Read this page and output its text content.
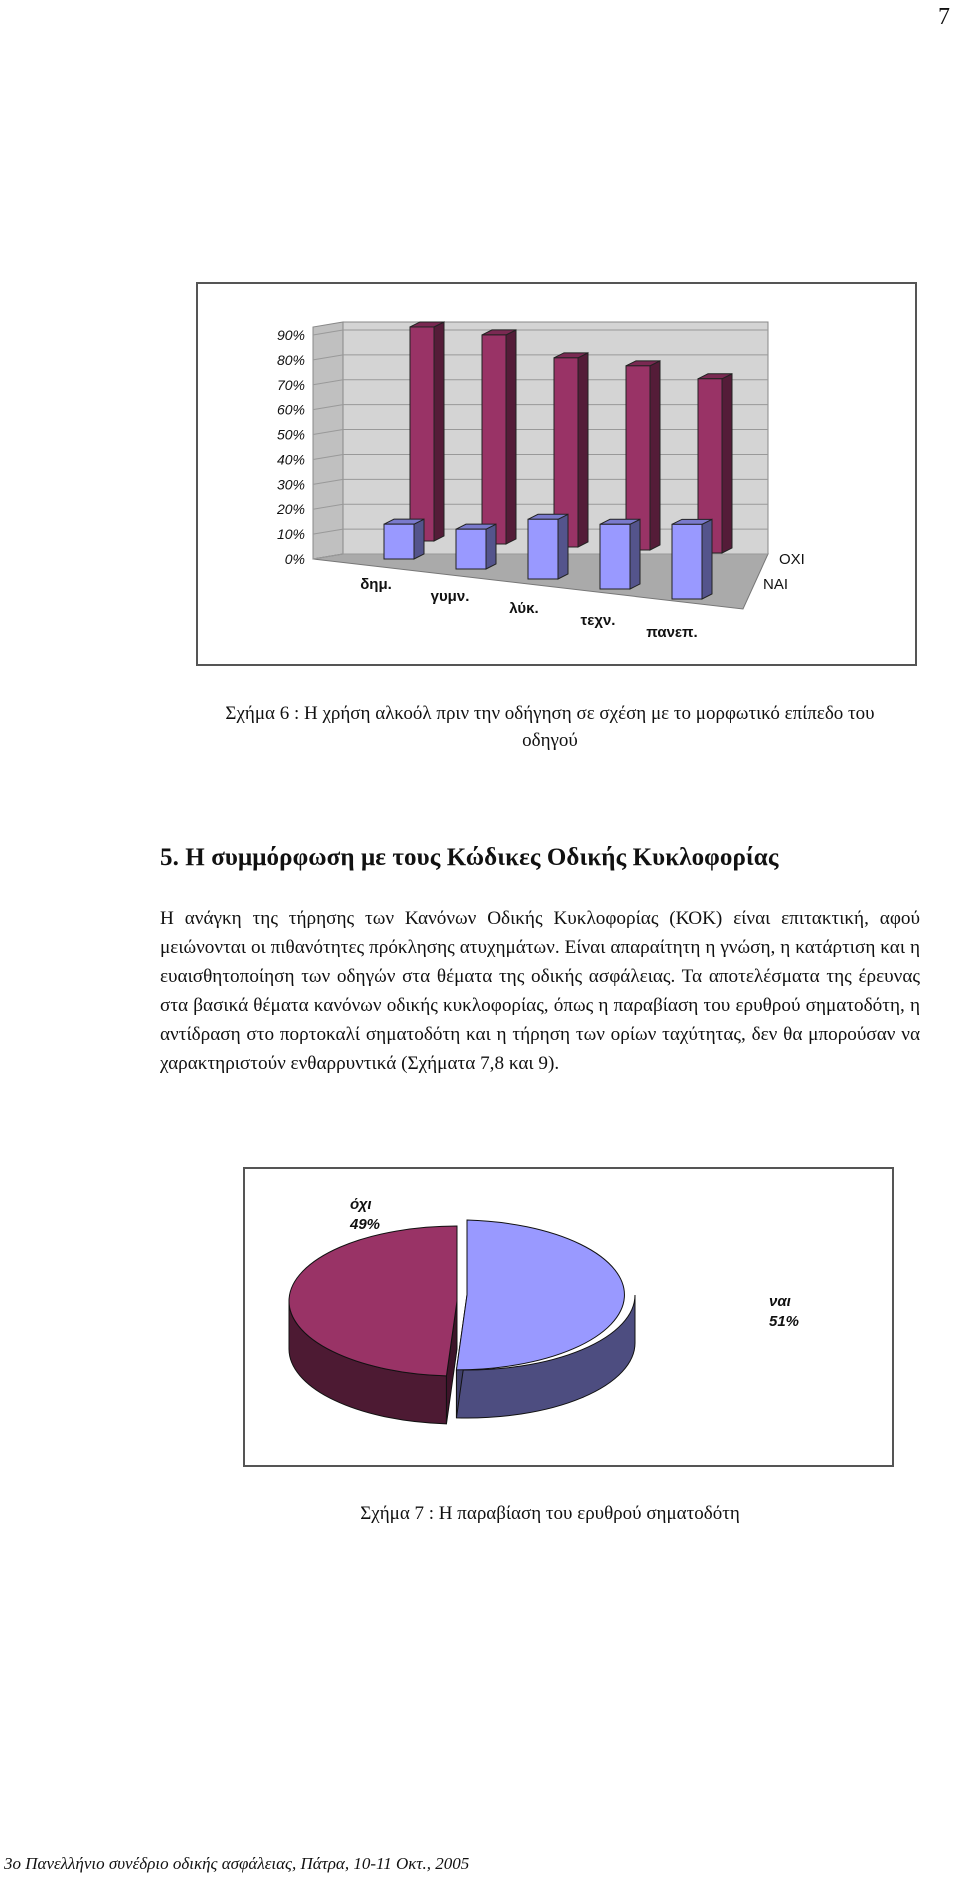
7
0%
10%
20%
30%
40%
50%
60%
70%
80%
90%
δημ.
γυμν.
λύκ.
τεχν.
πανεπ.
ΟΧΙ
ΝΑΙ
Σχήμα 6 : Η χρήση αλκοόλ πριν την οδήγηση σε σχέση με το μορφωτικό επίπεδο του
οδηγού
5. Η συμμόρφωση με τους Κώδικες Οδικής Κυκλοφορίας

Η ανάγκη της τήρησης των Κανόνων Οδικής Κυκλοφορίας (ΚΟΚ) είναι επιτακτική, αφού μειώνονται οι πιθανότητες πρόκλησης ατυχημάτων. Είναι απαραίτητη η γνώση, η κατάρτιση και η ευαισθητοποίηση των οδηγών στα θέματα της οδικής ασφάλειας. Τα αποτελέσματα της έρευνας στα βασικά θέματα κανόνων οδικής κυκλοφορίας, όπως η παραβίαση του ερυθρού σηματοδότη, η αντίδραση στο πορτοκαλί σηματοδότη και η τήρηση των ορίων ταχύτητας, δεν θα μπορούσαν να χαρακτηριστούν ενθαρρυντικά (Σχήματα 7,8 και 9).

όχι
49%
ναι
51%
Σχήμα 7 : Η παραβίαση του ερυθρού σηματοδότη
3ο Πανελλήνιο συνέδριο οδικής ασφάλειας, Πάτρα, 10-11 Οκτ., 2005
